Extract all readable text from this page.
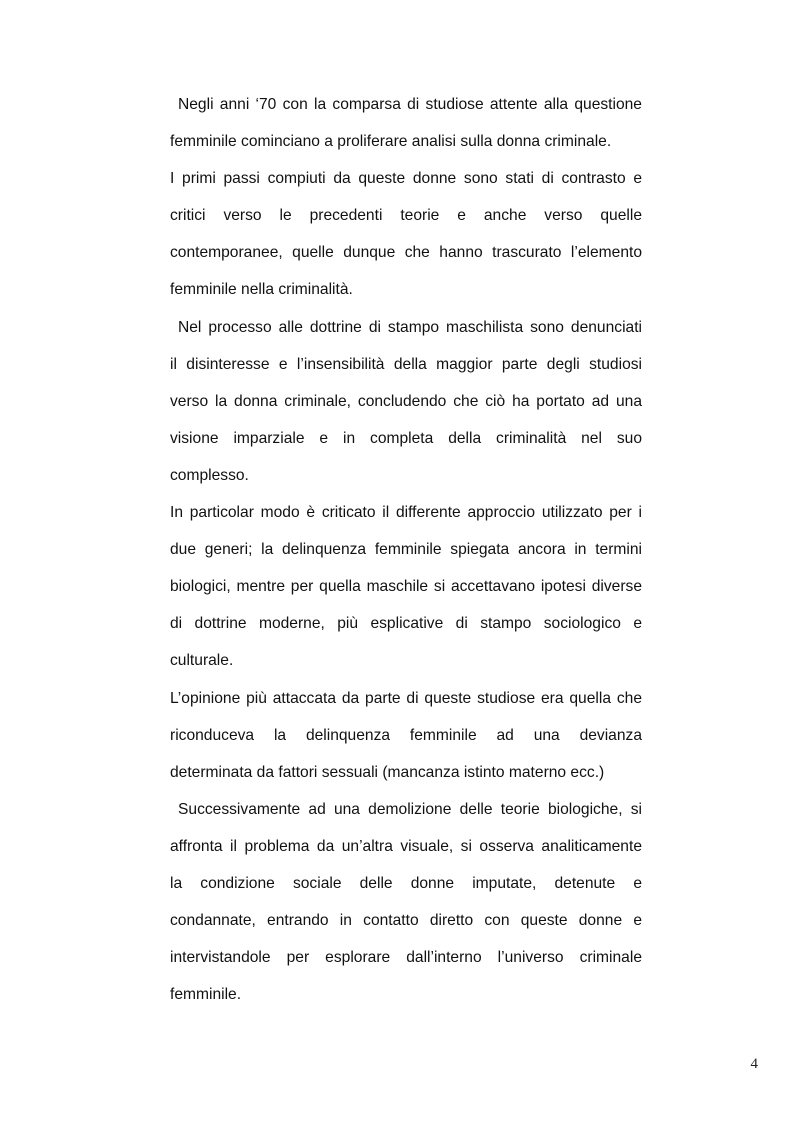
Negli anni ‘70 con la comparsa di studiose attente alla questione
femminile cominciano a proliferare analisi sulla donna criminale.
I primi passi compiuti da queste donne sono stati di contrasto e
critici verso le precedenti teorie e anche verso quelle
contemporanee, quelle dunque che hanno trascurato l’elemento
femminile nella criminalità.
Nel processo alle dottrine di stampo maschilista sono denunciati
il disinteresse e l’insensibilità della maggior parte degli studiosi
verso la donna criminale, concludendo che ciò ha portato ad una
visione imparziale e in completa della criminalità nel suo
complesso.
In particolar modo è criticato il differente approccio utilizzato per i
due generi; la delinquenza femminile spiegata ancora in termini
biologici, mentre per quella maschile si accettavano ipotesi diverse
di dottrine moderne, più esplicative di stampo sociologico e
culturale.
L’opinione più attaccata da parte di queste studiose era quella che
riconduceva la delinquenza femminile ad una devianza
determinata da fattori sessuali (mancanza istinto materno ecc.)
Successivamente ad una demolizione delle teorie biologiche, si
affronta il problema da un’altra visuale, si osserva analiticamente
la condizione sociale delle donne imputate, detenute e
condannate, entrando in contatto diretto con queste donne e
intervistandole per esplorare dall’interno l’universo criminale
femminile.
4
